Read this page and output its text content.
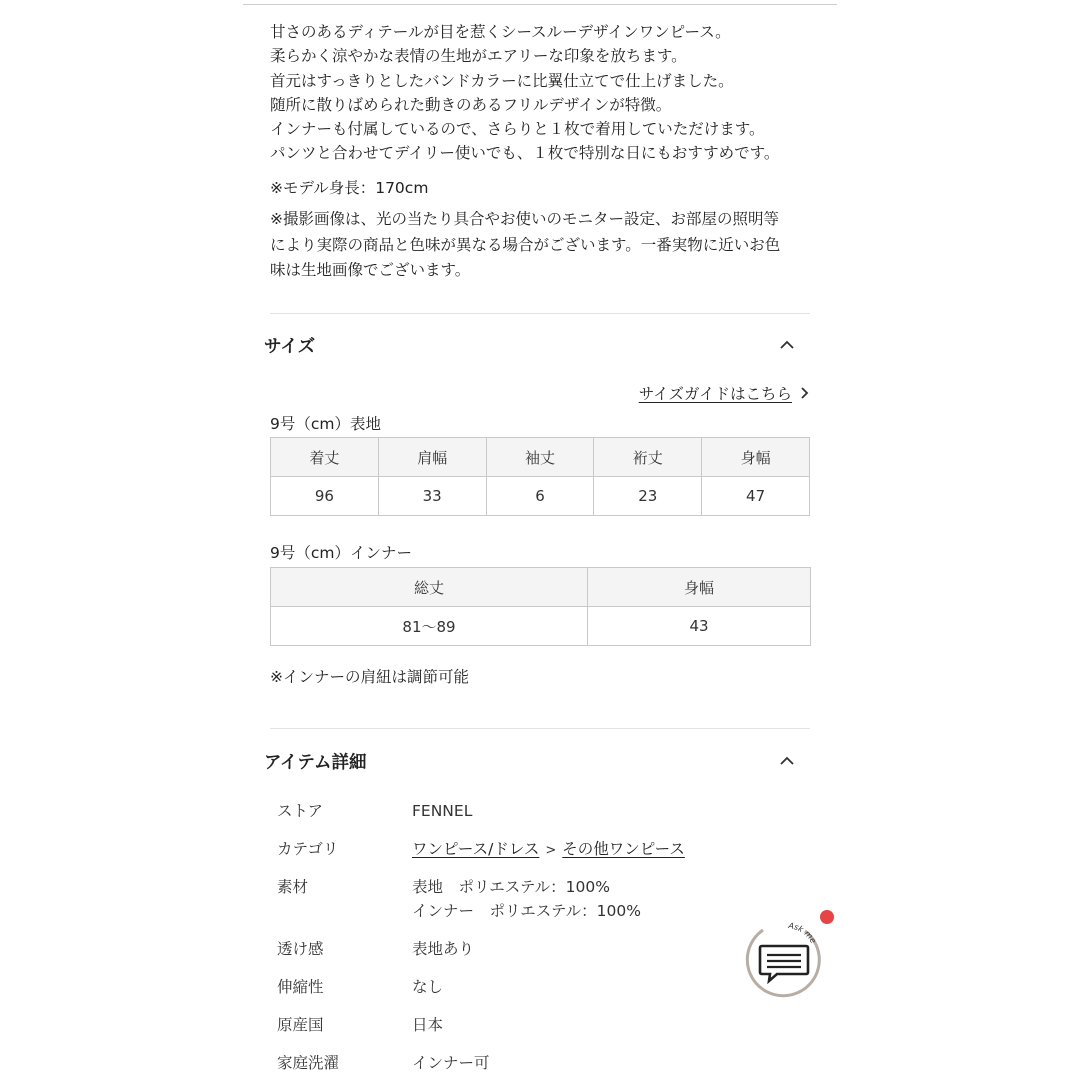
甘さのあるディテールが目を惹くシースルーデザインワンピース。

柔らかく涼やかな表情の生地がエアリーな印象を放ちます。

首元はすっきりとしたバンドカラーに比翼仕立てで仕上げました。

随所に散りばめられた動きのあるフリルデザインが特徴。

インナーも付属しているので、さらりと１枚で着用していただけます。

パンツと合わせてデイリー使いでも、１枚で特別な日にもおすすめです。

※モデル身長：170cm

※撮影画像は、光の当たり具合やお使いのモニター設定、お部屋の照明等

により実際の商品と色味が異なる場合がございます。一番実物に近いお色

味は生地画像でございます。

サイズ
サイズガイドはこちら
9号（cm）表地
着丈	肩幅	袖丈	裄丈	身幅
96	33	6	23	47
9号（cm）インナー
総丈	身幅
81〜89	43
※インナーの肩紐は調節可能
アイテム詳細
ストア	FENNEL
カテゴリ	ワンピース/ドレス > その他ワンピース
素材	表地　ポリエステル：100%
インナー　ポリエステル：100%
透け感	表地あり
伸縮性	なし
原産国	日本
家庭洗濯	インナー可
Ask me
